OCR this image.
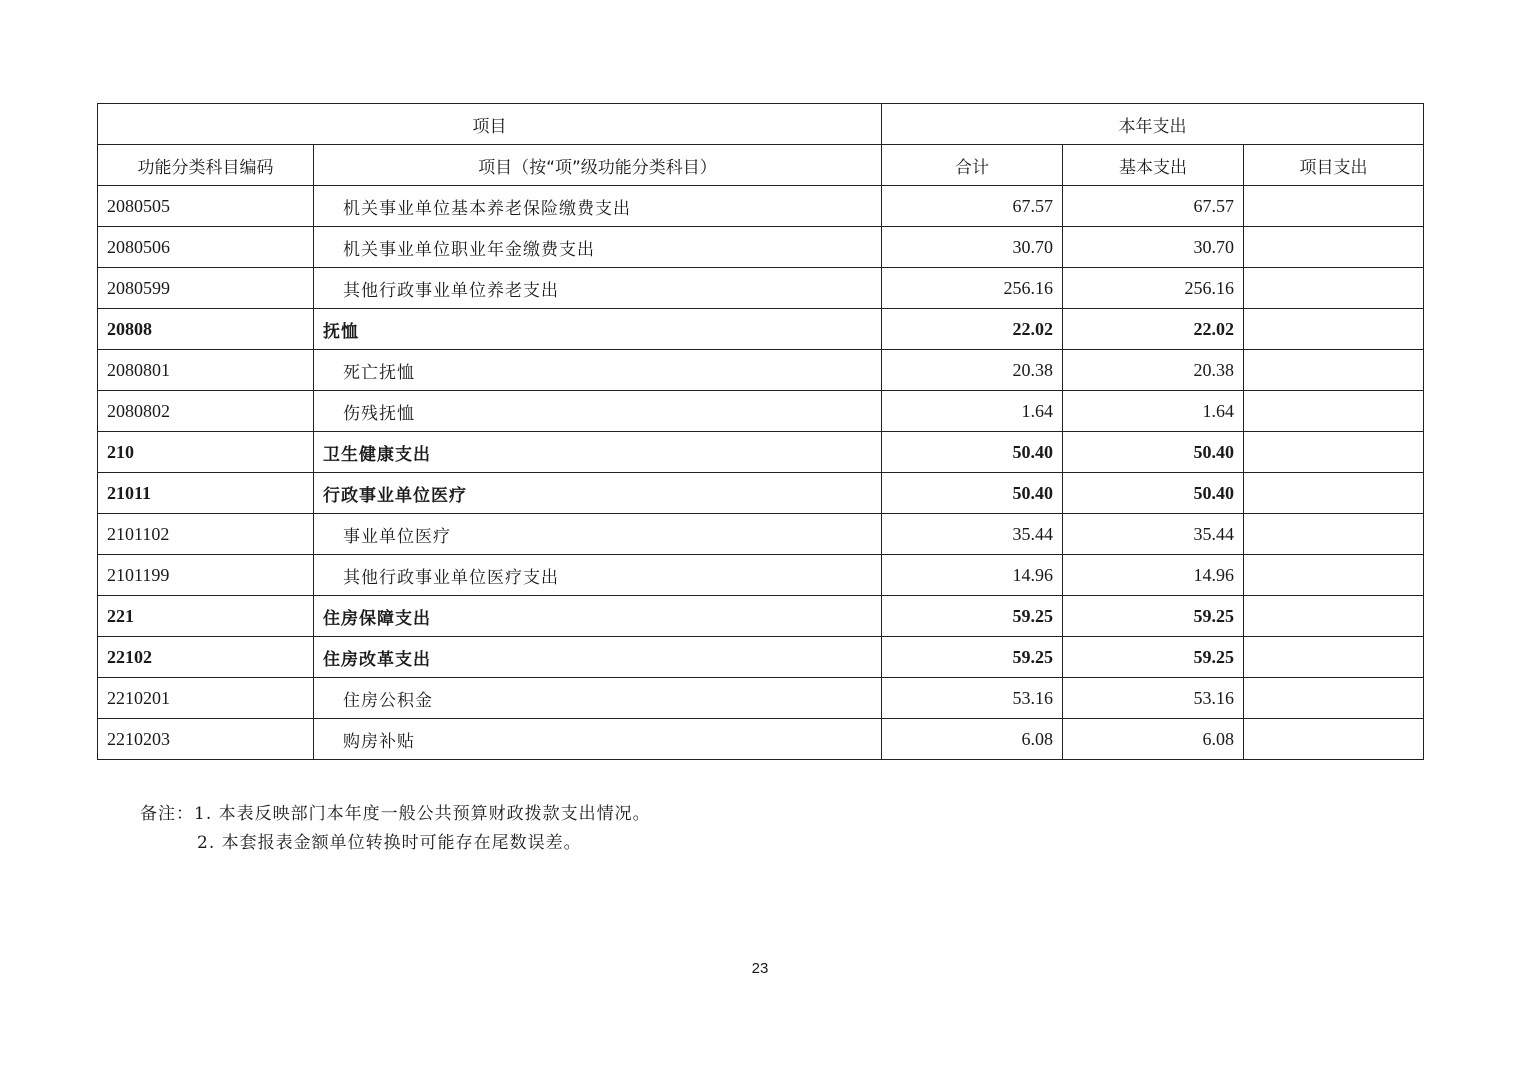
项目		本年支出		
功能分类科目编码	项目（按“项”级功能分类科目）	合计	基本支出	项目支出
2080505	机关事业单位基本养老保险缴费支出	67.57	67.57	
2080506	机关事业单位职业年金缴费支出	30.70	30.70	
2080599	其他行政事业单位养老支出	256.16	256.16	
20808	抚恤	22.02	22.02	
2080801	死亡抚恤	20.38	20.38	
2080802	伤残抚恤	1.64	1.64	
210	卫生健康支出	50.40	50.40	
21011	行政事业单位医疗	50.40	50.40	
2101102	事业单位医疗	35.44	35.44	
2101199	其他行政事业单位医疗支出	14.96	14.96	
221	住房保障支出	59.25	59.25	
22102	住房改革支出	59.25	59.25	
2210201	住房公积金	53.16	53.16	
2210203	购房补贴	6.08	6.08	
备注：1. 本表反映部门本年度一般公共预算财政拨款支出情况。
2. 本套报表金额单位转换时可能存在尾数误差。
23
